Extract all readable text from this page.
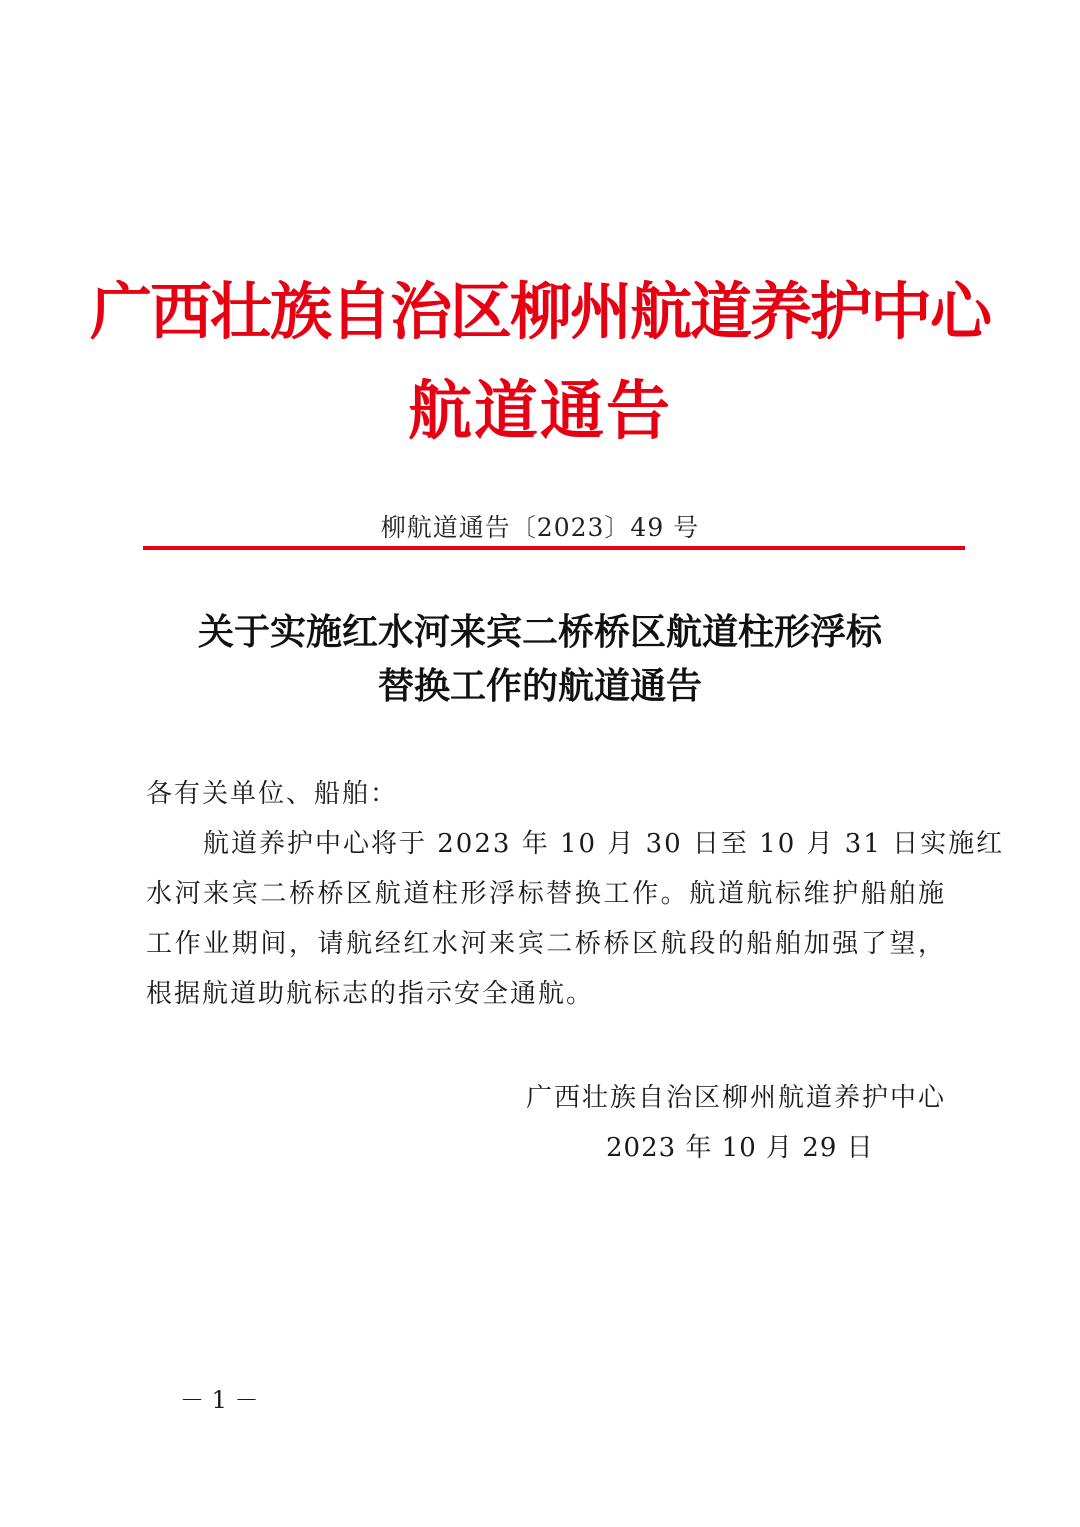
广西壮族自治区柳州航道养护中心
航道通告
柳航道通告〔2023〕49 号
关于实施红水河来宾二桥桥区航道柱形浮标
替换工作的航道通告
各有关单位、船舶：
航道养护中心将于 2023 年 10 月 30 日至 10 月 31 日实施红
水河来宾二桥桥区航道柱形浮标替换工作。航道航标维护船舶施
工作业期间，请航经红水河来宾二桥桥区航段的船舶加强了望，
根据航道助航标志的指示安全通航。
广西壮族自治区柳州航道养护中心
2023 年 10 月 29 日
－ 1 －
